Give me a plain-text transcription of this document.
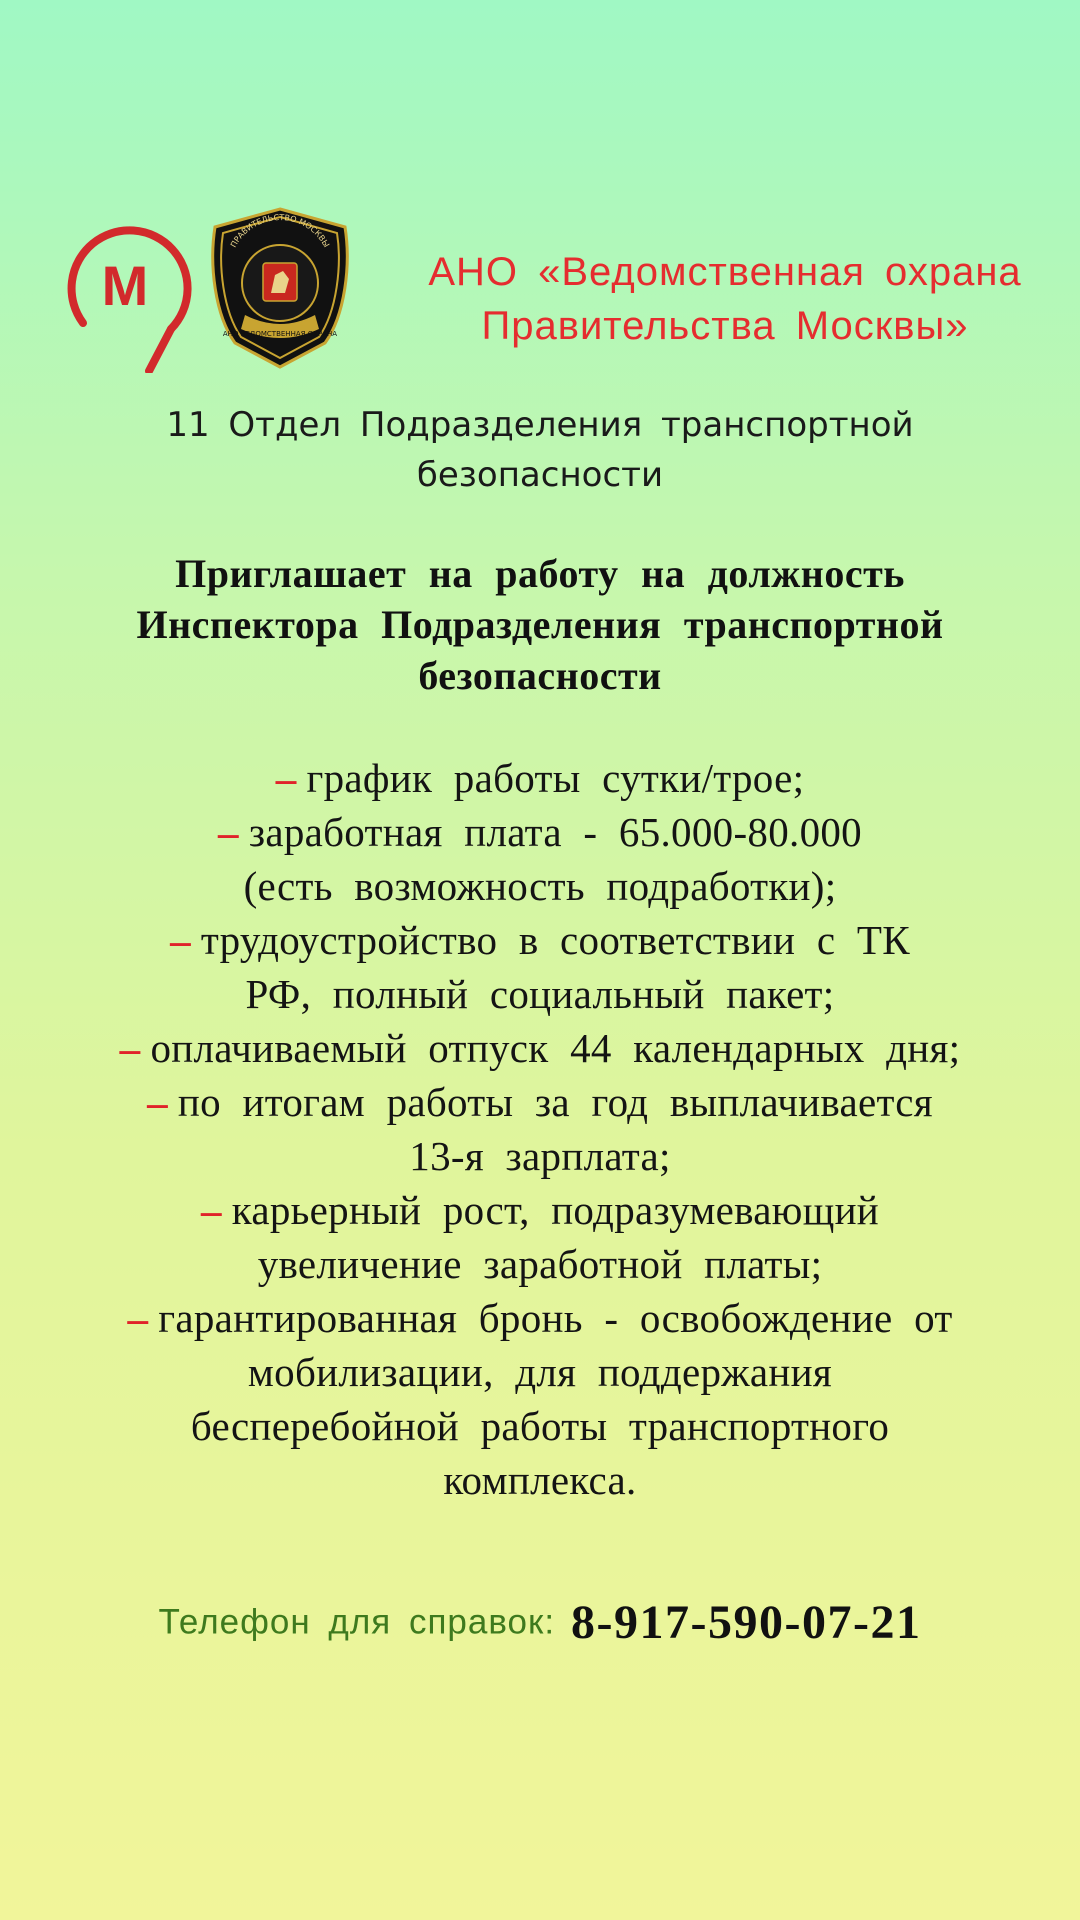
М
ПРАВИТЕЛЬСТВО МОСКВЫ
АНО ВЕДОМСТВЕННАЯ ОХРАНА
АНО «Ведомственная охрана
Правительства Москвы»
11 Отдел Подразделения транспортной
безопасности
Приглашает на работу на должность
Инспектора Подразделения транспортной
безопасности
– график работы сутки/трое;
– заработная плата - 65.000-80.000
(есть возможность подработки);
– трудоустройство в соответствии с ТК
РФ, полный социальный пакет;
– оплачиваемый отпуск 44 календарных дня;
– по итогам работы за год выплачивается
13-я зарплата;
– карьерный рост, подразумевающий
увеличение заработной платы;
– гарантированная бронь - освобождение от
мобилизации, для поддержания
бесперебойной работы транспортного
комплекса.
Телефон для справок: 8-917-590-07-21
